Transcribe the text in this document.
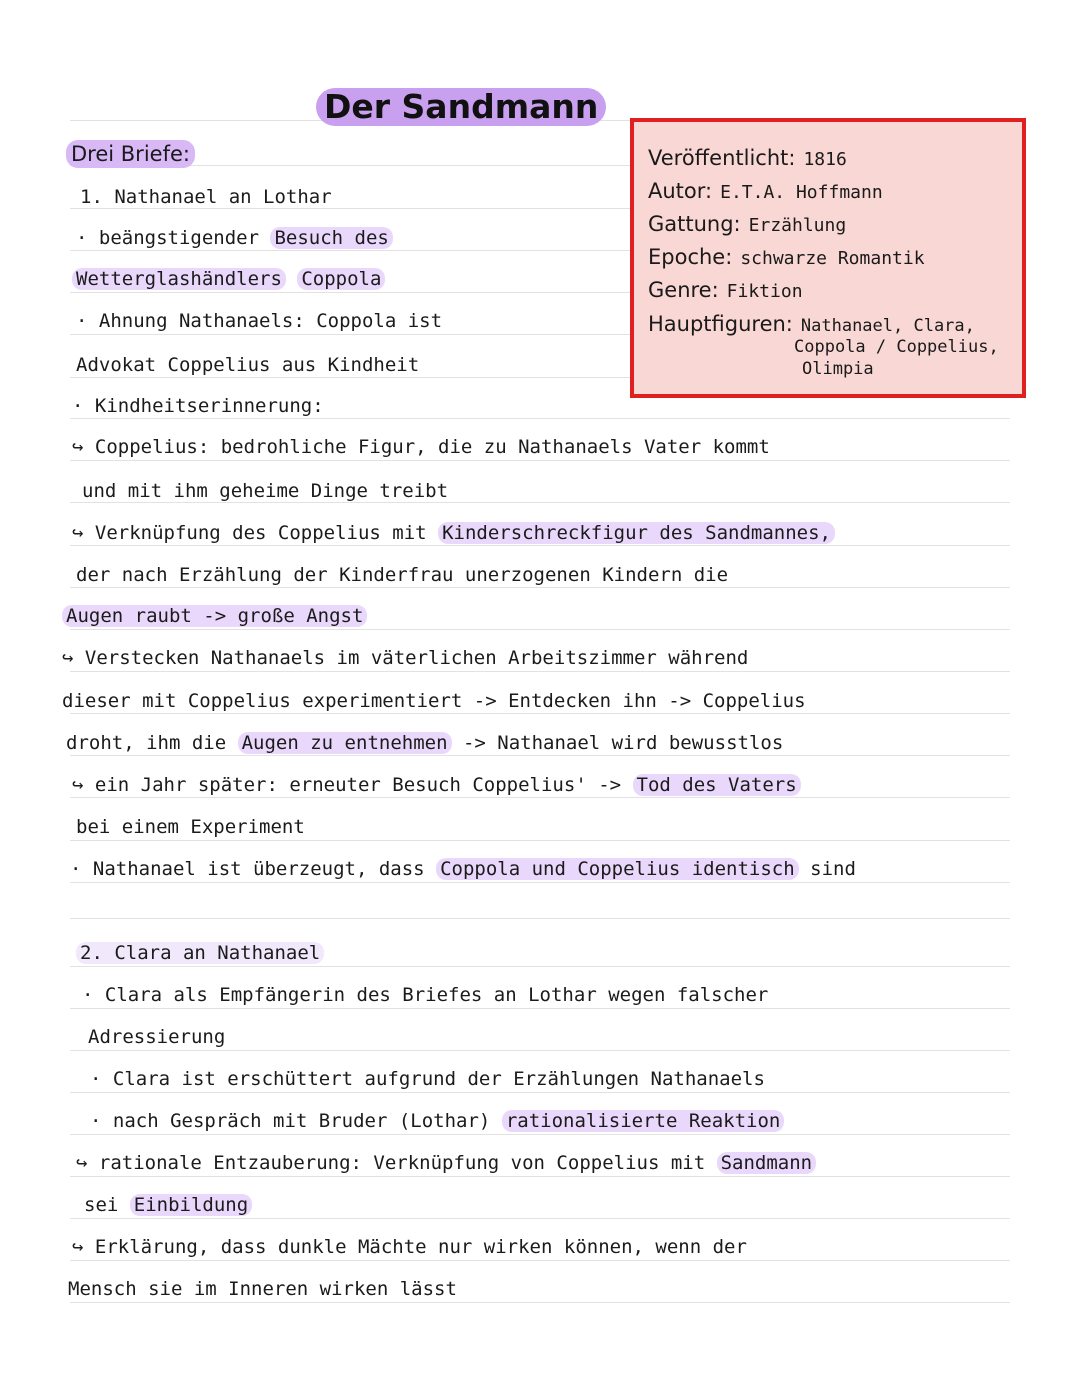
Der Sandmann
Drei Briefe:	Veröffentlicht: 1816
Autor: E.T.A. Hoffmann
Gattung: Erzählung
Epoche: schwarze Romantik
Genre: Fiktion
Hauptfiguren: Nathanael, Clara,
Coppola / Coppelius,
Olimpia
1. Nathanael an Lothar
· beängstigender Besuch des
Wetterglashändlers Coppola
· Ahnung Nathanaels: Coppola ist
Advokat Coppelius aus Kindheit
· Kindheitserinnerung:
↪ Coppelius: bedrohliche Figur, die zu Nathanaels Vater kommt
und mit ihm geheime Dinge treibt
↪ Verknüpfung des Coppelius mit Kinderschreckfigur des Sandmannes,
der nach Erzählung der Kinderfrau unerzogenen Kindern die
Augen raubt -> große Angst
↪ Verstecken Nathanaels im väterlichen Arbeitszimmer während
dieser mit Coppelius experimentiert -> Entdecken ihn -> Coppelius
droht, ihm die Augen zu entnehmen -> Nathanael wird bewusstlos
↪ ein Jahr später: erneuter Besuch Coppelius' -> Tod des Vaters
bei einem Experiment
· Nathanael ist überzeugt, dass Coppola und Coppelius identisch sind
2. Clara an Nathanael
· Clara als Empfängerin des Briefes an Lothar wegen falscher
Adressierung
· Clara ist erschüttert aufgrund der Erzählungen Nathanaels
· nach Gespräch mit Bruder (Lothar) rationalisierte Reaktion
↪ rationale Entzauberung: Verknüpfung von Coppelius mit Sandmann
sei Einbildung
↪ Erklärung, dass dunkle Mächte nur wirken können, wenn der
Mensch sie im Inneren wirken lässt
